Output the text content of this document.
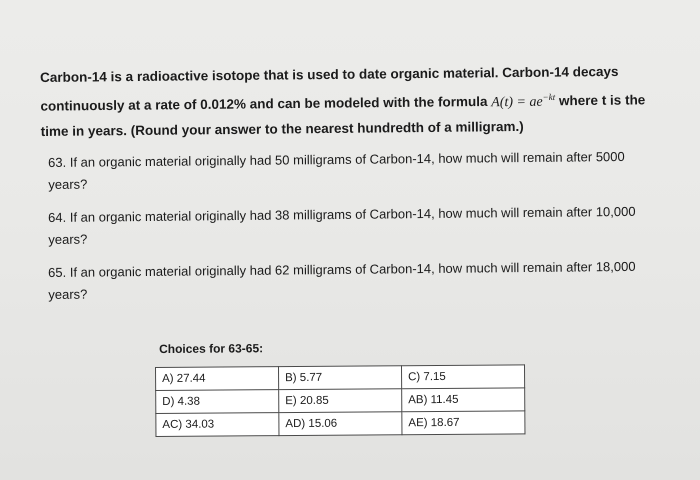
Carbon-14 is a radioactive isotope that is used to date organic material. Carbon-14 decays continuously at a rate of 0.012% and can be modeled with the formula $A(t) = ae^{-kt}$ where t is the time in years. (Round your answer to the nearest hundredth of a milligram.)
63. If an organic material originally had 50 milligrams of Carbon-14, how much will remain after 5000 years?
64. If an organic material originally had 38 milligrams of Carbon-14, how much will remain after 10,000 years?
65. If an organic material originally had 62 milligrams of Carbon-14, how much will remain after 18,000 years?
Choices for 63-65:
A) 27.44	B) 5.77	C) 7.15
D) 4.38	E) 20.85	AB) 11.45
AC) 34.03	AD) 15.06	AE) 18.67
